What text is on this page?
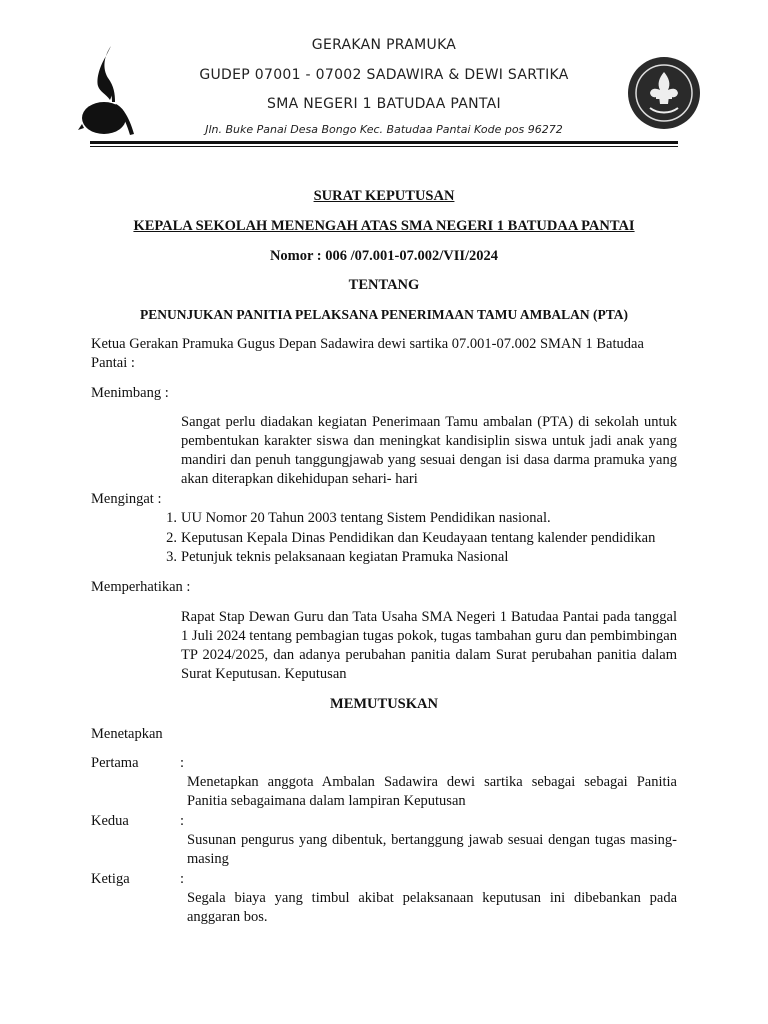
GERAKAN PRAMUKA
GUDEP 07001 - 07002 SADAWIRA & DEWI SARTIKA
SMA NEGERI 1 BATUDAA PANTAI
Jln. Buke Panai Desa Bongo Kec. Batudaa Pantai Kode pos 96272
SURAT KEPUTUSAN
KEPALA SEKOLAH MENENGAH ATAS SMA NEGERI 1 BATUDAA PANTAI
Nomor : 006 /07.001-07.002/VII/2024
TENTANG
PENUNJUKAN PANITIA PELAKSANA PENERIMAAN TAMU AMBALAN (PTA)
Ketua Gerakan Pramuka Gugus Depan Sadawira dewi sartika 07.001-07.002 SMAN 1 Batudaa Pantai :
Menimbang :
Sangat perlu diadakan kegiatan Penerimaan Tamu ambalan (PTA) di sekolah untuk pembentukan karakter siswa dan meningkat kandisiplin siswa untuk jadi anak yang mandiri dan penuh tanggungjawab yang sesuai dengan isi dasa darma pramuka yang akan diterapkan dikehidupan sehari- hari
Mengingat :
1. UU Nomor 20 Tahun 2003 tentang Sistem Pendidikan nasional.
2. Keputusan Kepala Dinas Pendidikan dan Keudayaan tentang kalender pendidikan
3. Petunjuk teknis pelaksanaan kegiatan Pramuka Nasional
Memperhatikan :
Rapat Stap Dewan Guru dan Tata Usaha SMA Negeri 1 Batudaa Pantai pada tanggal 1 Juli 2024 tentang pembagian tugas pokok, tugas tambahan guru dan pembimbingan TP 2024/2025, dan adanya perubahan panitia dalam Surat perubahan panitia dalam Surat Keputusan. Keputusan
MEMUTUSKAN
Menetapkan
Pertama	:
Menetapkan anggota Ambalan Sadawira dewi sartika sebagai sebagai Panitia Panitia sebagaimana dalam lampiran Keputusan
Kedua	:
Susunan pengurus yang dibentuk, bertanggung jawab sesuai dengan tugas masing-masing
Ketiga	:
Segala biaya yang timbul akibat pelaksanaan keputusan ini dibebankan pada anggaran bos.
